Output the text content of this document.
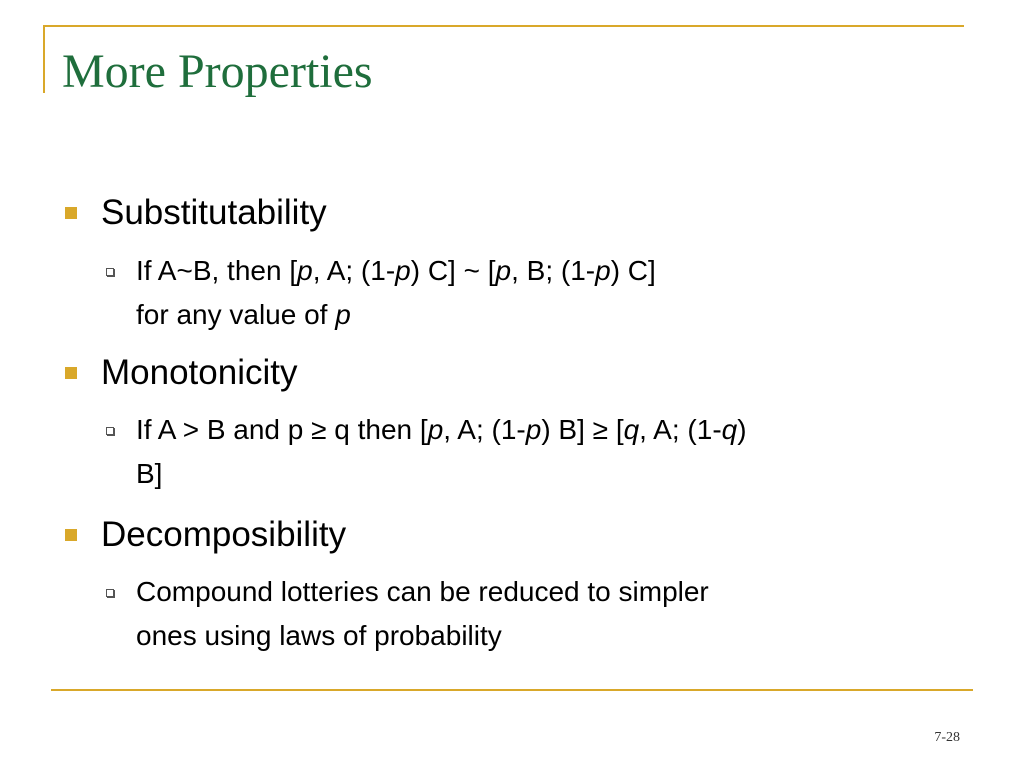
More Properties
Substitutability
If A~B, then [p, A; (1-p) C] ~ [p, B; (1-p) C]
for any value of p
Monotonicity
If A > B and p ≥ q then [p, A; (1-p) B] ≥ [q, A; (1-q)
B]
Decomposibility
Compound lotteries can be reduced to simpler
ones using laws of probability
7-28
